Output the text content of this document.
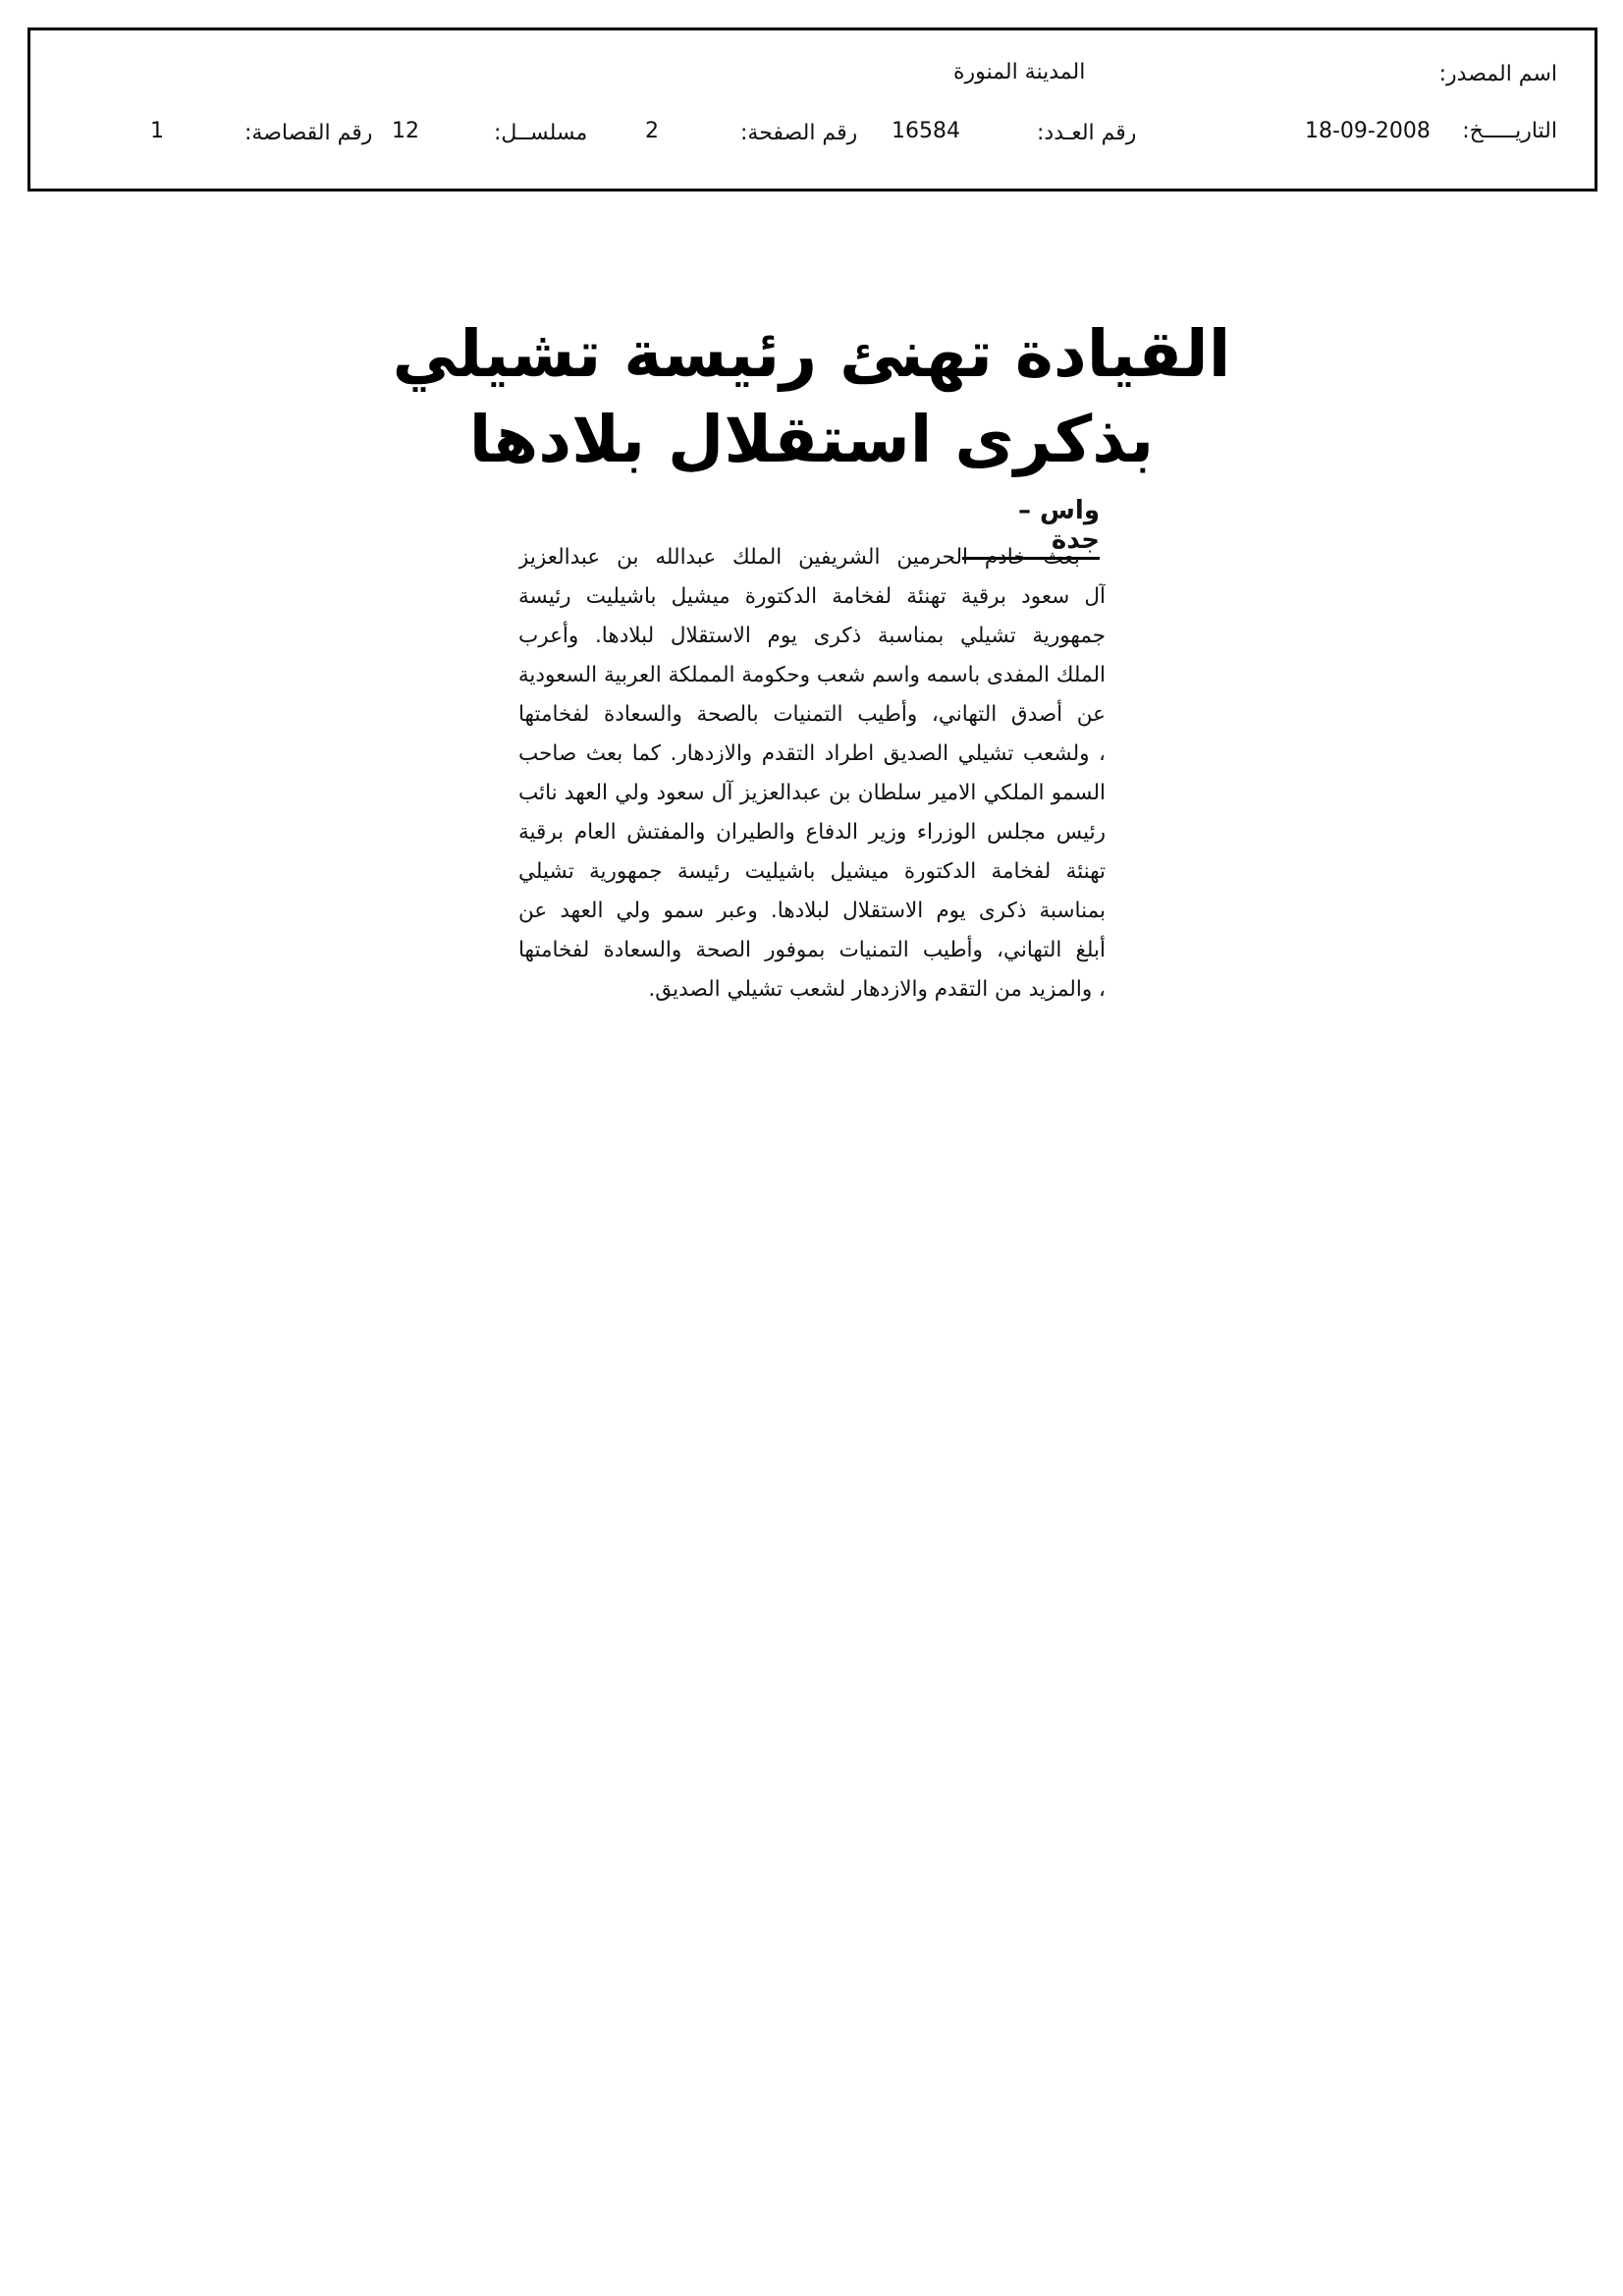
اسم المصدر:
المدينة المنورة
التاريـــــخ:
18-09-2008
رقم العـدد:
16584
رقم الصفحة:
2
مسلســل:
12
رقم القصاصة:
1
القيادة تهنئ رئيسة تشيلي
بذكرى استقلال بلادها
واس – جدة
بعث خادم الحرمين الشريفين الملك عبدالله بن عبدالعزيز
آل سعود برقية تهنئة لفخامة الدكتورة ميشيل باشيليت رئيسة
جمهورية تشيلي بمناسبة ذكرى يوم الاستقلال لبلادها. وأعرب
الملك المفدى باسمه واسم شعب وحكومة المملكة العربية السعودية
عن أصدق التهاني، وأطيب التمنيات بالصحة والسعادة لفخامتها
، ولشعب تشيلي الصديق اطراد التقدم والازدهار. كما بعث صاحب
السمو الملكي الامير سلطان بن عبدالعزيز آل سعود ولي العهد نائب
رئيس مجلس الوزراء وزير الدفاع والطيران والمفتش العام برقية
تهنئة لفخامة الدكتورة ميشيل باشيليت رئيسة جمهورية تشيلي
بمناسبة ذكرى يوم الاستقلال لبلادها. وعبر سمو ولي العهد عن
أبلغ التهاني، وأطيب التمنيات بموفور الصحة والسعادة لفخامتها
، والمزيد من التقدم والازدهار لشعب تشيلي الصديق.
